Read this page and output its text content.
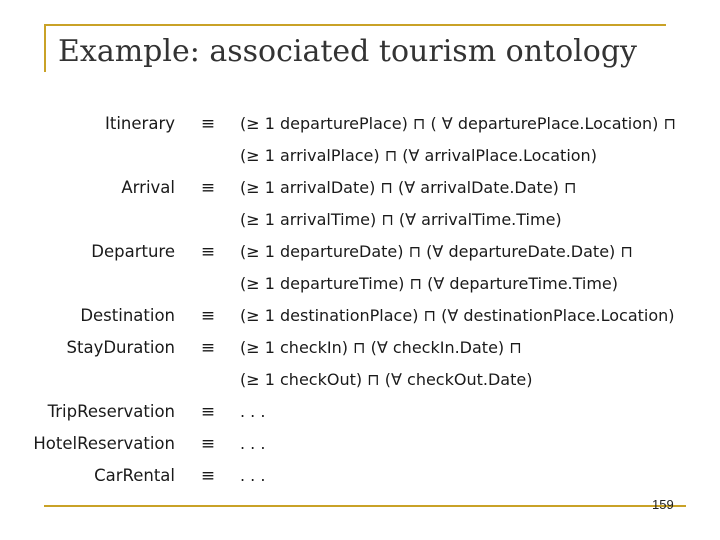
Example: associated tourism ontology
Itinerary ≡ (≥ 1 departurePlace) ⊓ ( ∀ departurePlace.Location) ⊓
(≥ 1 arrivalPlace) ⊓ (∀ arrivalPlace.Location)
Arrival ≡ (≥ 1 arrivalDate) ⊓ (∀ arrivalDate.Date) ⊓
(≥ 1 arrivalTime) ⊓ (∀ arrivalTime.Time)
Departure ≡ (≥ 1 departureDate) ⊓ (∀ departureDate.Date) ⊓
(≥ 1 departureTime) ⊓ (∀ departureTime.Time)
Destination ≡ (≥ 1 destinationPlace) ⊓ (∀ destinationPlace.Location)
StayDuration ≡ (≥ 1 checkIn) ⊓ (∀ checkIn.Date) ⊓
(≥ 1 checkOut) ⊓ (∀ checkOut.Date)
TripReservation ≡ . . .
HotelReservation ≡ . . .
CarRental ≡ . . .
159
